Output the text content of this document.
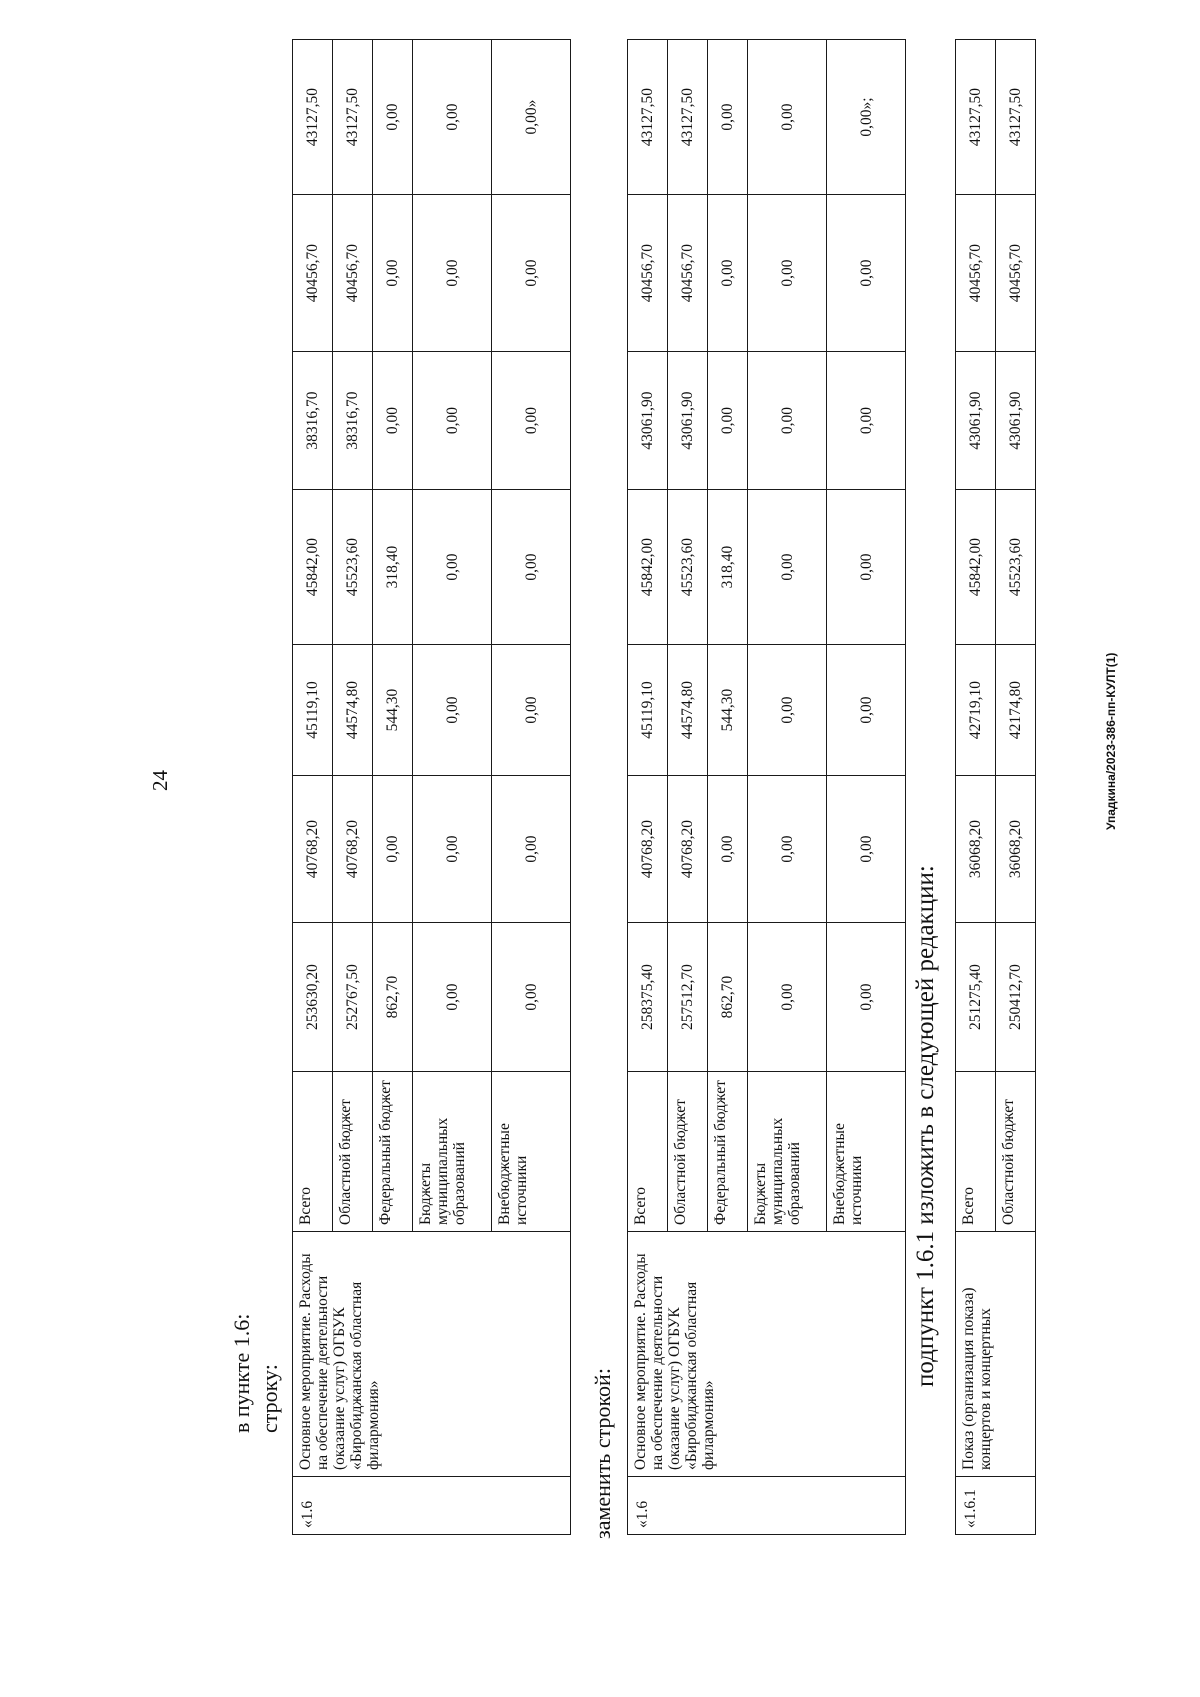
24
в пункте 1.6: строку:
«1.6	Основное мероприятие. Расходы на обеспечение деятельности (оказание услуг) ОГБУК «Биробиджанская областная филармония»	Всего	253630,20	40768,20	45119,10	45842,00	38316,70	40456,70	43127,50
		Областной бюджет	252767,50	40768,20	44574,80	45523,60	38316,70	40456,70	43127,50
		Федеральный бюджет	862,70	0,00	544,30	318,40	0,00	0,00	0,00
		Бюджеты муниципальных образований	0,00	0,00	0,00	0,00	0,00	0,00	0,00
		Внебюджетные источники	0,00	0,00	0,00	0,00	0,00	0,00	0,00»
заменить строкой: «1.6	Основное мероприятие. Расходы на обеспечение деятельности (оказание услуг) ОГБУК «Биробиджанская областная филармония»	Всего	258375,40	40768,20	45119,10	45842,00	43061,90	40456,70	43127,50
		Областной бюджет	257512,70	40768,20	44574,80	45523,60	43061,90	40456,70	43127,50
		Федеральный бюджет	862,70	0,00	544,30	318,40	0,00	0,00	0,00
		Бюджеты муниципальных образований	0,00	0,00	0,00	0,00	0,00	0,00	0,00
		Внебюджетные источники	0,00	0,00	0,00	0,00	0,00	0,00	0,00»;
подпункт 1.6.1 изложить в следующей редакции:
«1.6.1	Показ (организация показа) концертов и концертных	Всего	251275,40	36068,20	42719,10	45842,00	43061,90	40456,70	43127,50
		Областной бюджет	250412,70	36068,20	42174,80	45523,60	43061,90	40456,70	43127,50
Упадкина/2023-386-пп-КУЛТ(1)
